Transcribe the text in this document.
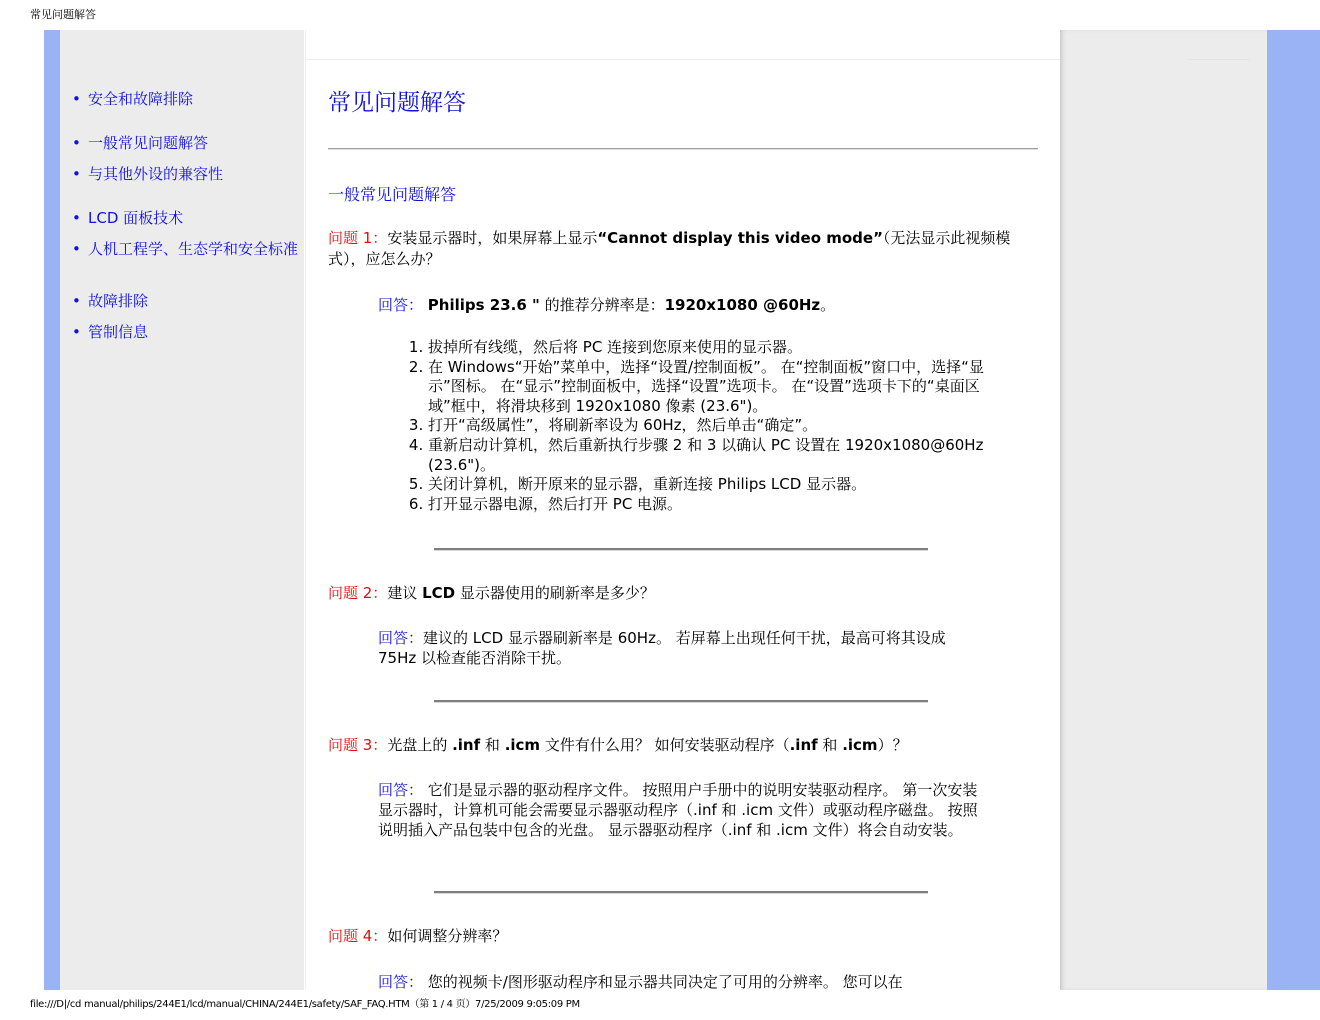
常见问题解答
• 安全和故障排除
• 一般常见问题解答
• 与其他外设的兼容性
• LCD 面板技术
• 人机工程学、生态学和安全标准
• 故障排除
• 管制信息
常见问题解答
一般常见问题解答
问题 1：安装显示器时，如果屏幕上显示“Cannot display this video mode”（无法显示此视频模式），应怎么办？
回答： Philips 23.6 " 的推荐分辨率是：1920x1080 @60Hz。
1. 拔掉所有线缆，然后将 PC 连接到您原来使用的显示器。
2. 在 Windows“开始”菜单中，选择“设置/控制面板”。 在“控制面板”窗口中，选择“显示”图标。 在“显示”控制面板中，选择“设置”选项卡。 在“设置”选项卡下的“桌面区域”框中，将滑块移到 1920x1080 像素 (23.6")。
3. 打开“高级属性”，将刷新率设为 60Hz，然后单击“确定”。
4. 重新启动计算机，然后重新执行步骤 2 和 3 以确认 PC 设置在 1920x1080@60Hz (23.6")。
5. 关闭计算机，断开原来的显示器，重新连接 Philips LCD 显示器。
6. 打开显示器电源，然后打开 PC 电源。
问题 2：建议 LCD 显示器使用的刷新率是多少？
回答：建议的 LCD 显示器刷新率是 60Hz。 若屏幕上出现任何干扰，最高可将其设成 75Hz 以检查能否消除干扰。
问题 3：光盘上的 .inf 和 .icm 文件有什么用？ 如何安装驱动程序（.inf 和 .icm）？
回答： 它们是显示器的驱动程序文件。 按照用户手册中的说明安装驱动程序。 第一次安装显示器时，计算机可能会需要显示器驱动程序（.inf 和 .icm 文件）或驱动程序磁盘。 按照说明插入产品包装中包含的光盘。 显示器驱动程序（.inf 和 .icm 文件）将会自动安装。
问题 4：如何调整分辨率？
回答： 您的视频卡/图形驱动程序和显示器共同决定了可用的分辨率。 您可以在
file:///D|/cd manual/philips/244E1/lcd/manual/CHINA/244E1/safety/SAF_FAQ.HTM（第 1 / 4 页）7/25/2009 9:05:09 PM
